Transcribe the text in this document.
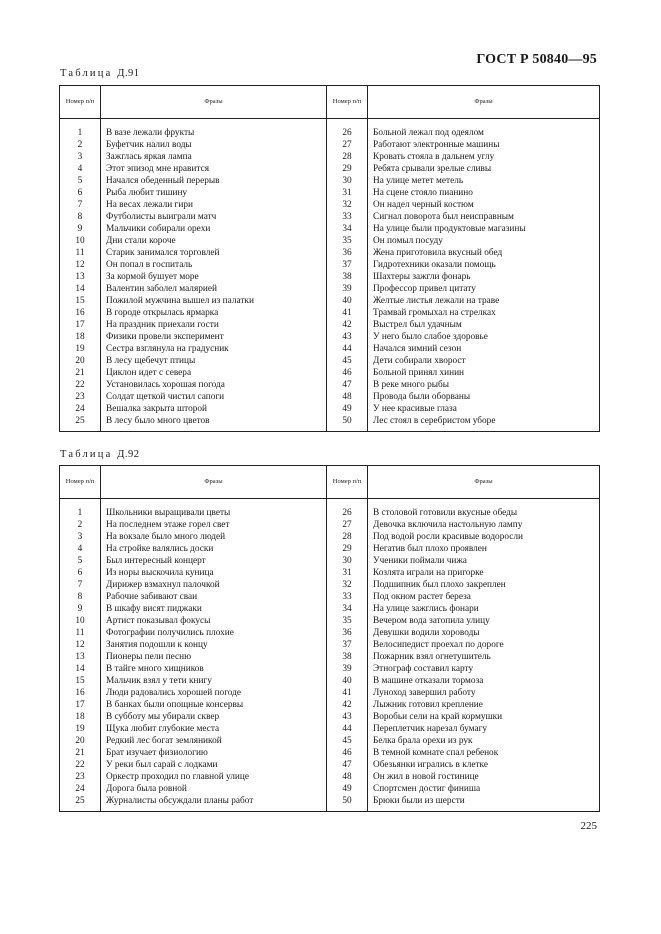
ГОСТ Р 50840—95
Таблица Д.91
Номер п/п	Фразы	Номер п/п	Фразы

1	В вазе лежали фрукты	26	Больной лежал под одеялом
2	Буфетчик налил воды	27	Работают электронные машины
3	Зажглась яркая лампа	28	Кровать стояла в дальнем углу
4	Этот эпизод мне нравится	29	Ребята срывали зрелые сливы
5	Начался обеденный перерыв	30	На улице метет метель
6	Рыба любит тишину	31	На сцене стояло пианино
7	На весах лежали гири	32	Он надел черный костюм
8	Футболисты выиграли матч	33	Сигнал поворота был неисправным
9	Мальчики собирали орехи	34	На улице были продуктовые магазины
10	Дни стали короче	35	Он помыл посуду
11	Старик занимался торговлей	36	Жена приготовила вкусный обед
12	Он попал в госпиталь	37	Гидротехники оказали помощь
13	За кормой бушует море	38	Шахтеры зажгли фонарь
14	Валентин заболел малярией	39	Профессор привел цитату
15	Пожилой мужчина вышел из палатки	40	Желтые листья лежали на траве
16	В городе открылась ярмарка	41	Трамвай громыхал на стрелках
17	На праздник приехали гости	42	Выстрел был удачным
18	Физики провели эксперимент	43	У него было слабое здоровье
19	Сестра взглянула на градусник	44	Начался зимний сезон
20	В лесу щебечут птицы	45	Дети собирали хворост
21	Циклон идет с севера	46	Больной принял хинин
22	Установилась хорошая погода	47	В реке много рыбы
23	Солдат щеткой чистил сапоги	48	Провода были оборваны
24	Вешалка закрыта шторой	49	У нее красивые глаза
25	В лесу было много цветов	50	Лес стоял в серебристом уборе
Таблица Д.92
Номер п/п	Фразы	Номер п/п	Фразы

1	Школьники выращивали цветы	26	В столовой готовили вкусные обеды
2	На последнем этаже горел свет	27	Девочка включила настольную лампу
3	На вокзале было много людей	28	Под водой росли красивые водоросли
4	На стройке валялись доски	29	Негатив был плохо проявлен
5	Был интересный концерт	30	Ученики поймали чижа
6	Из норы выскочила куница	31	Козлята играли на пригорке
7	Дирижер взмахнул палочкой	32	Подшипник был плохо закреплен
8	Рабочие забивают сваи	33	Под окном растет береза
9	В шкафу висят пиджаки	34	На улице зажглись фонари
10	Артист показывал фокусы	35	Вечером вода затопила улицу
11	Фотографии получились плохие	36	Девушки водили хороводы
12	Занятия подошли к концу	37	Велосипедист проехал по дороге
13	Пионеры пели песню	38	Пожарник взял огнетушитель
14	В тайге много хищников	39	Этнограф составил карту
15	Мальчик взял у тети книгу	40	В машине отказали тормоза
16	Люди радовались хорошей погоде	41	Луноход завершил работу
17	В банках были опощные консервы	42	Лыжник готовил крепление
18	В субботу мы убирали сквер	43	Воробьи сели на край кормушки
19	Щука любит глубокие места	44	Переплетчик нарезал бумагу
20	Редкий лес богат земляникой	45	Белка брала орехи из рук
21	Брат изучает физиологию	46	В темной комнате спал ребенок
22	У реки был сарай с лодками	47	Обезьянки игрались в клетке
23	Оркестр проходил по главной улице	48	Он жил в новой гостинице
24	Дорога была ровной	49	Спортсмен достиг финиша
25	Журналисты обсуждали планы работ	50	Брюки были из шерсти
225
